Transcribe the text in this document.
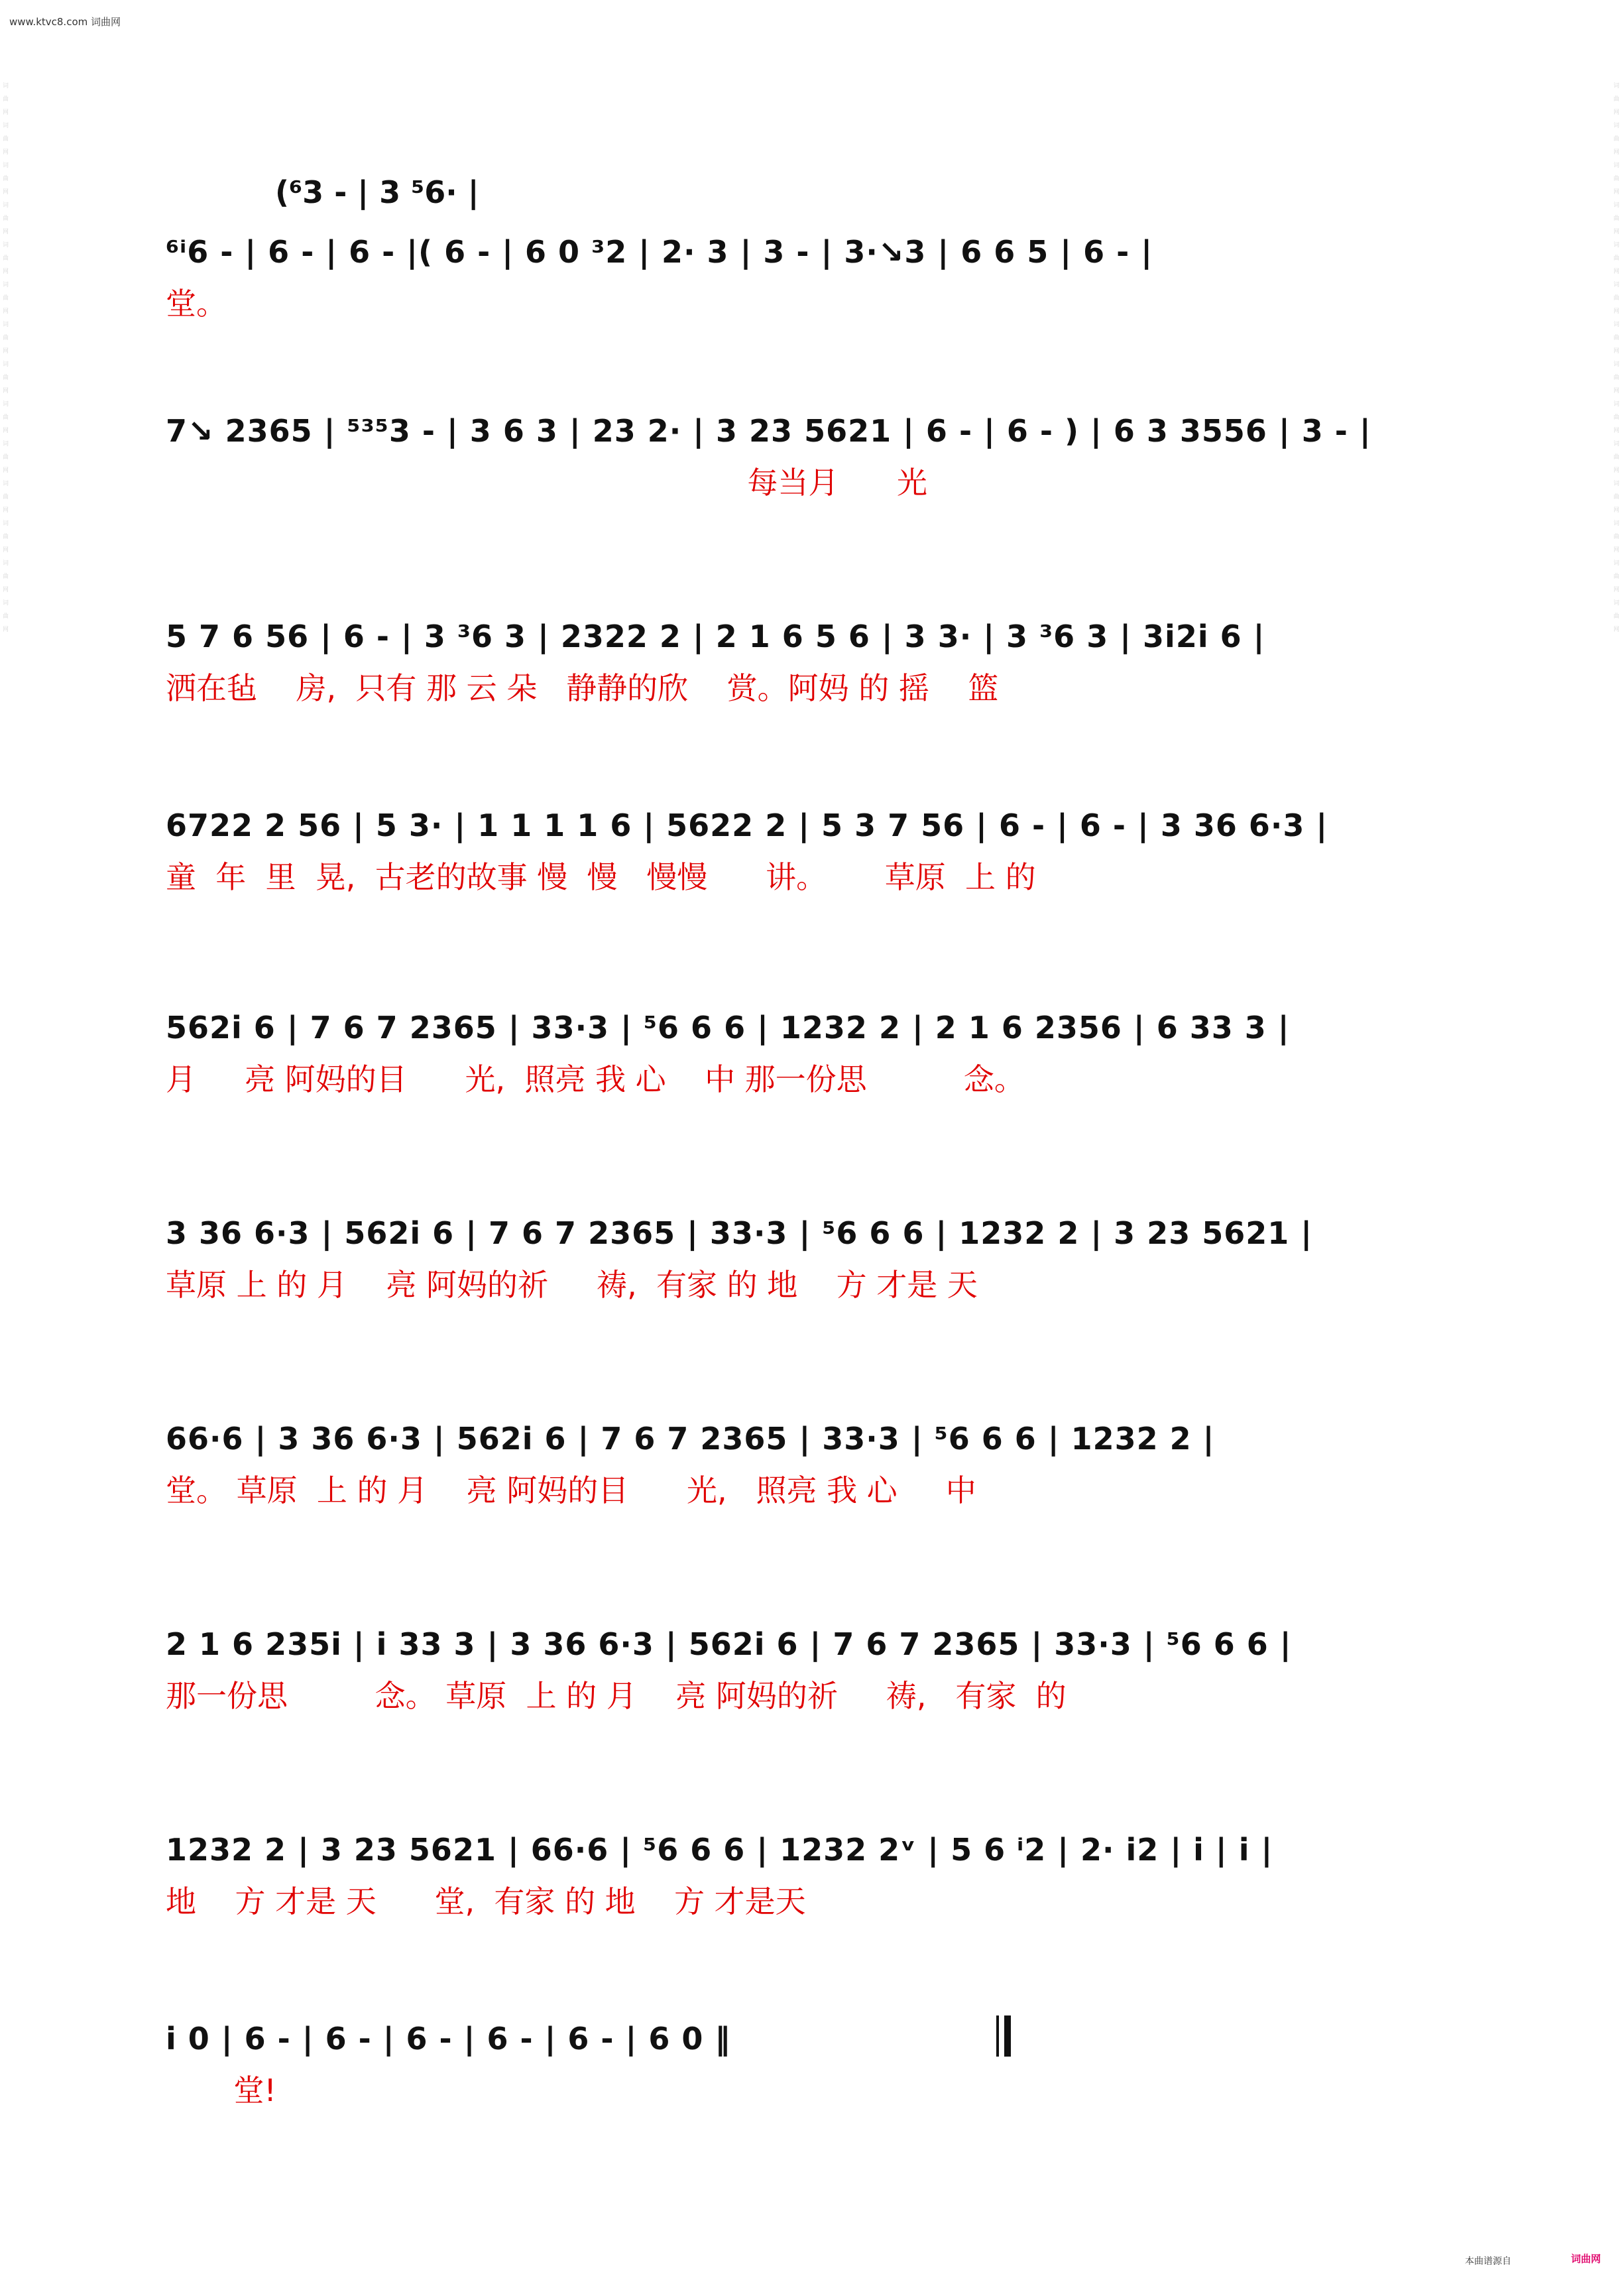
www.ktvc8.com 词曲网
词曲网词曲网词曲网词曲网词曲网词曲网词曲网词曲网词曲网词曲网词曲网词曲网词曲网词曲网
词曲网词曲网词曲网词曲网词曲网词曲网词曲网词曲网词曲网词曲网词曲网词曲网词曲网词曲网
(⁶3 - | 3 ⁵6· |
⁶ⁱ6 - | 6 - | 6 - |( 6 - | 6 0 ³2 | 2· 3 | 3 - | 3·↘3 | 6 6 5 | 6 - |
堂。
7↘ 2365 | ⁵³⁵3 - | 3 6 3 | 23 2· | 3 23 5621 | 6 - | 6 - ) | 6 3 3556 | 3 - |
每当月      光
5 7 6 56 | 6 - | 3 ³6 3 | 2322 2 | 2 1 6 5 6 | 3 3· | 3 ³6 3 | 3i2i 6 |
洒在毡    房,  只有 那 云 朵   静静的欣    赏。阿妈 的 摇    篮
6722 2 56 | 5 3· | 1 1 1 1 6 | 5622 2 | 5 3 7 56 | 6 - | 6 - | 3 36 6·3 |
童  年  里  晃,  古老的故事 慢  慢   慢慢      讲。      草原  上 的
562i 6 | 7 6 7 2365 | 33·3 | ⁵6 6 6 | 1232 2 | 2 1 6 2356 | 6 33 3 |
月     亮 阿妈的目      光,  照亮 我 心    中 那一份思          念。
3 36 6·3 | 562i 6 | 7 6 7 2365 | 33·3 | ⁵6 6 6 | 1232 2 | 3 23 5621 |
草原 上 的 月    亮 阿妈的祈     祷,  有家 的 地    方 才是 天
66·6 | 3 36 6·3 | 562i 6 | 7 6 7 2365 | 33·3 | ⁵6 6 6 | 1232 2 |
堂。 草原  上 的 月    亮 阿妈的目      光,   照亮 我 心     中
2 1 6 235i | i 33 3 | 3 36 6·3 | 562i 6 | 7 6 7 2365 | 33·3 | ⁵6 6 6 |
那一份思         念。 草原  上 的 月    亮 阿妈的祈     祷,   有家  的
1232 2 | 3 23 5621 | 66·6 | ⁵6 6 6 | 1232 2ᵛ | 5 6 ⁱ2 | 2· i2 | i | i |
地    方 才是 天      堂,  有家 的 地    方 才是天
i 0 | 6 - | 6 - | 6 - | 6 - | 6 - | 6 0 ‖
堂!
本曲谱源自	词曲网
